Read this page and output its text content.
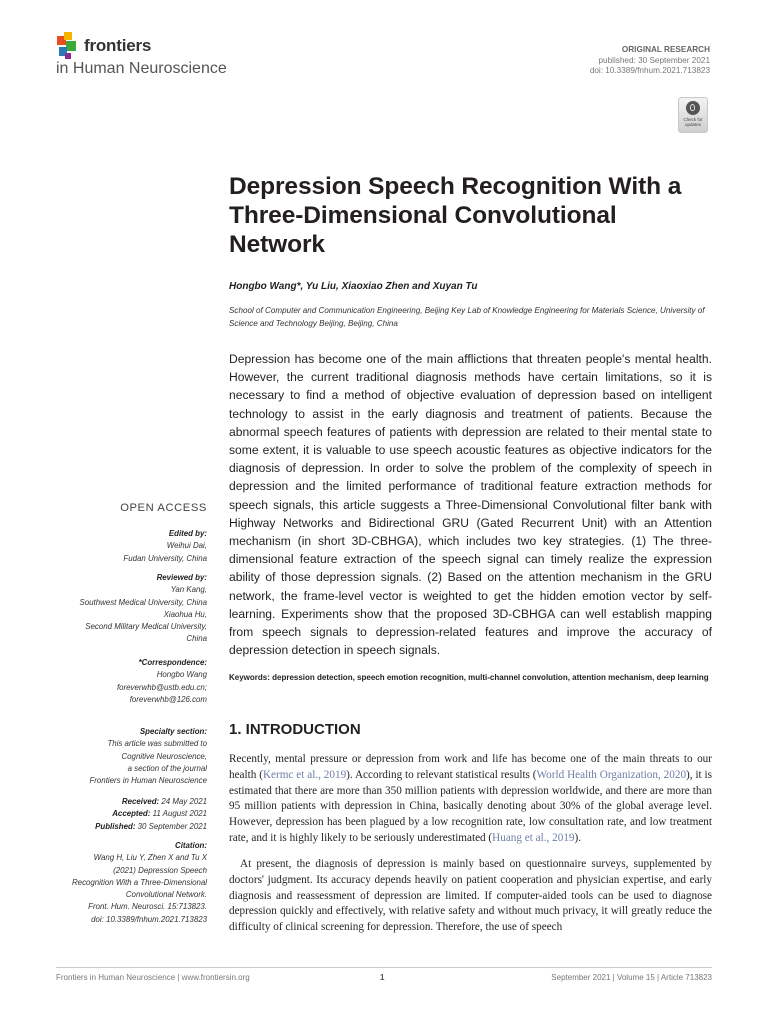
frontiers
in Human Neuroscience
ORIGINAL RESEARCH
published: 30 September 2021
doi: 10.3389/fnhum.2021.713823
Check for updates
Depression Speech Recognition With a Three-Dimensional Convolutional Network
Hongbo Wang*, Yu Liu, Xiaoxiao Zhen and Xuyan Tu
School of Computer and Communication Engineering, Beijing Key Lab of Knowledge Engineering for Materials Science, University of Science and Technology Beijing, Beijing, China

Depression has become one of the main afflictions that threaten people's mental health. However, the current traditional diagnosis methods have certain limitations, so it is necessary to find a method of objective evaluation of depression based on intelligent technology to assist in the early diagnosis and treatment of patients. Because the abnormal speech features of patients with depression are related to their mental state to some extent, it is valuable to use speech acoustic features as objective indicators for the diagnosis of depression. In order to solve the problem of the complexity of speech in depression and the limited performance of traditional feature extraction methods for speech signals, this article suggests a Three-Dimensional Convolutional filter bank with Highway Networks and Bidirectional GRU (Gated Recurrent Unit) with an Attention mechanism (in short 3D-CBHGA), which includes two key strategies. (1) The three-dimensional feature extraction of the speech signal can timely realize the expression ability of those depression signals. (2) Based on the attention mechanism in the GRU network, the frame-level vector is weighted to get the hidden emotion vector by self-learning. Experiments show that the proposed 3D-CBHGA can well establish mapping from speech signals to depression-related features and improve the accuracy of depression detection in speech signals.

Keywords: depression detection, speech emotion recognition, multi-channel convolution, attention mechanism, deep learning
1. INTRODUCTION

Recently, mental pressure or depression from work and life has become one of the main threats to our health (Kermc et al., 2019). According to relevant statistical results (World Health Organization, 2020), it is estimated that there are more than 350 million patients with depression worldwide, and there are more than 95 million patients with depression in China, basically denoting about 30% of the global average level. However, depression has been plagued by a low recognition rate, low consultation rate, and low treatment rate, and it is highly likely to be seriously underestimated (Huang et al., 2019).

At present, the diagnosis of depression is mainly based on questionnaire surveys, supplemented by doctors' judgment. Its accuracy depends heavily on patient cooperation and physician expertise, and early diagnosis and reassessment of depression are limited. If computer-aided tools can be used to diagnose depression quickly and effectively, with relative safety and without much privacy, it will greatly reduce the difficulty of clinical screening for depression. Therefore, the use of speech

OPEN ACCESS
Edited by:
Weihui Dai,
Fudan University, China
Reviewed by:
Yan Kang,
Southwest Medical University, China
Xiaohua Hu,
Second Military Medical University,
China
*Correspondence:
Hongbo Wang
foreverwhb@ustb.edu.cn;
foreverwhb@126.com
Specialty section:
This article was submitted to
Cognitive Neuroscience,
a section of the journal
Frontiers in Human Neuroscience
Received: 24 May 2021
Accepted: 11 August 2021
Published: 30 September 2021
Citation:
Wang H, Liu Y, Zhen X and Tu X
(2021) Depression Speech
Recognition With a Three-Dimensional
Convolutional Network.
Front. Hum. Neurosci. 15:713823.
doi: 10.3389/fnhum.2021.713823
Frontiers in Human Neuroscience | www.frontiersin.org	1	September 2021 | Volume 15 | Article 713823
